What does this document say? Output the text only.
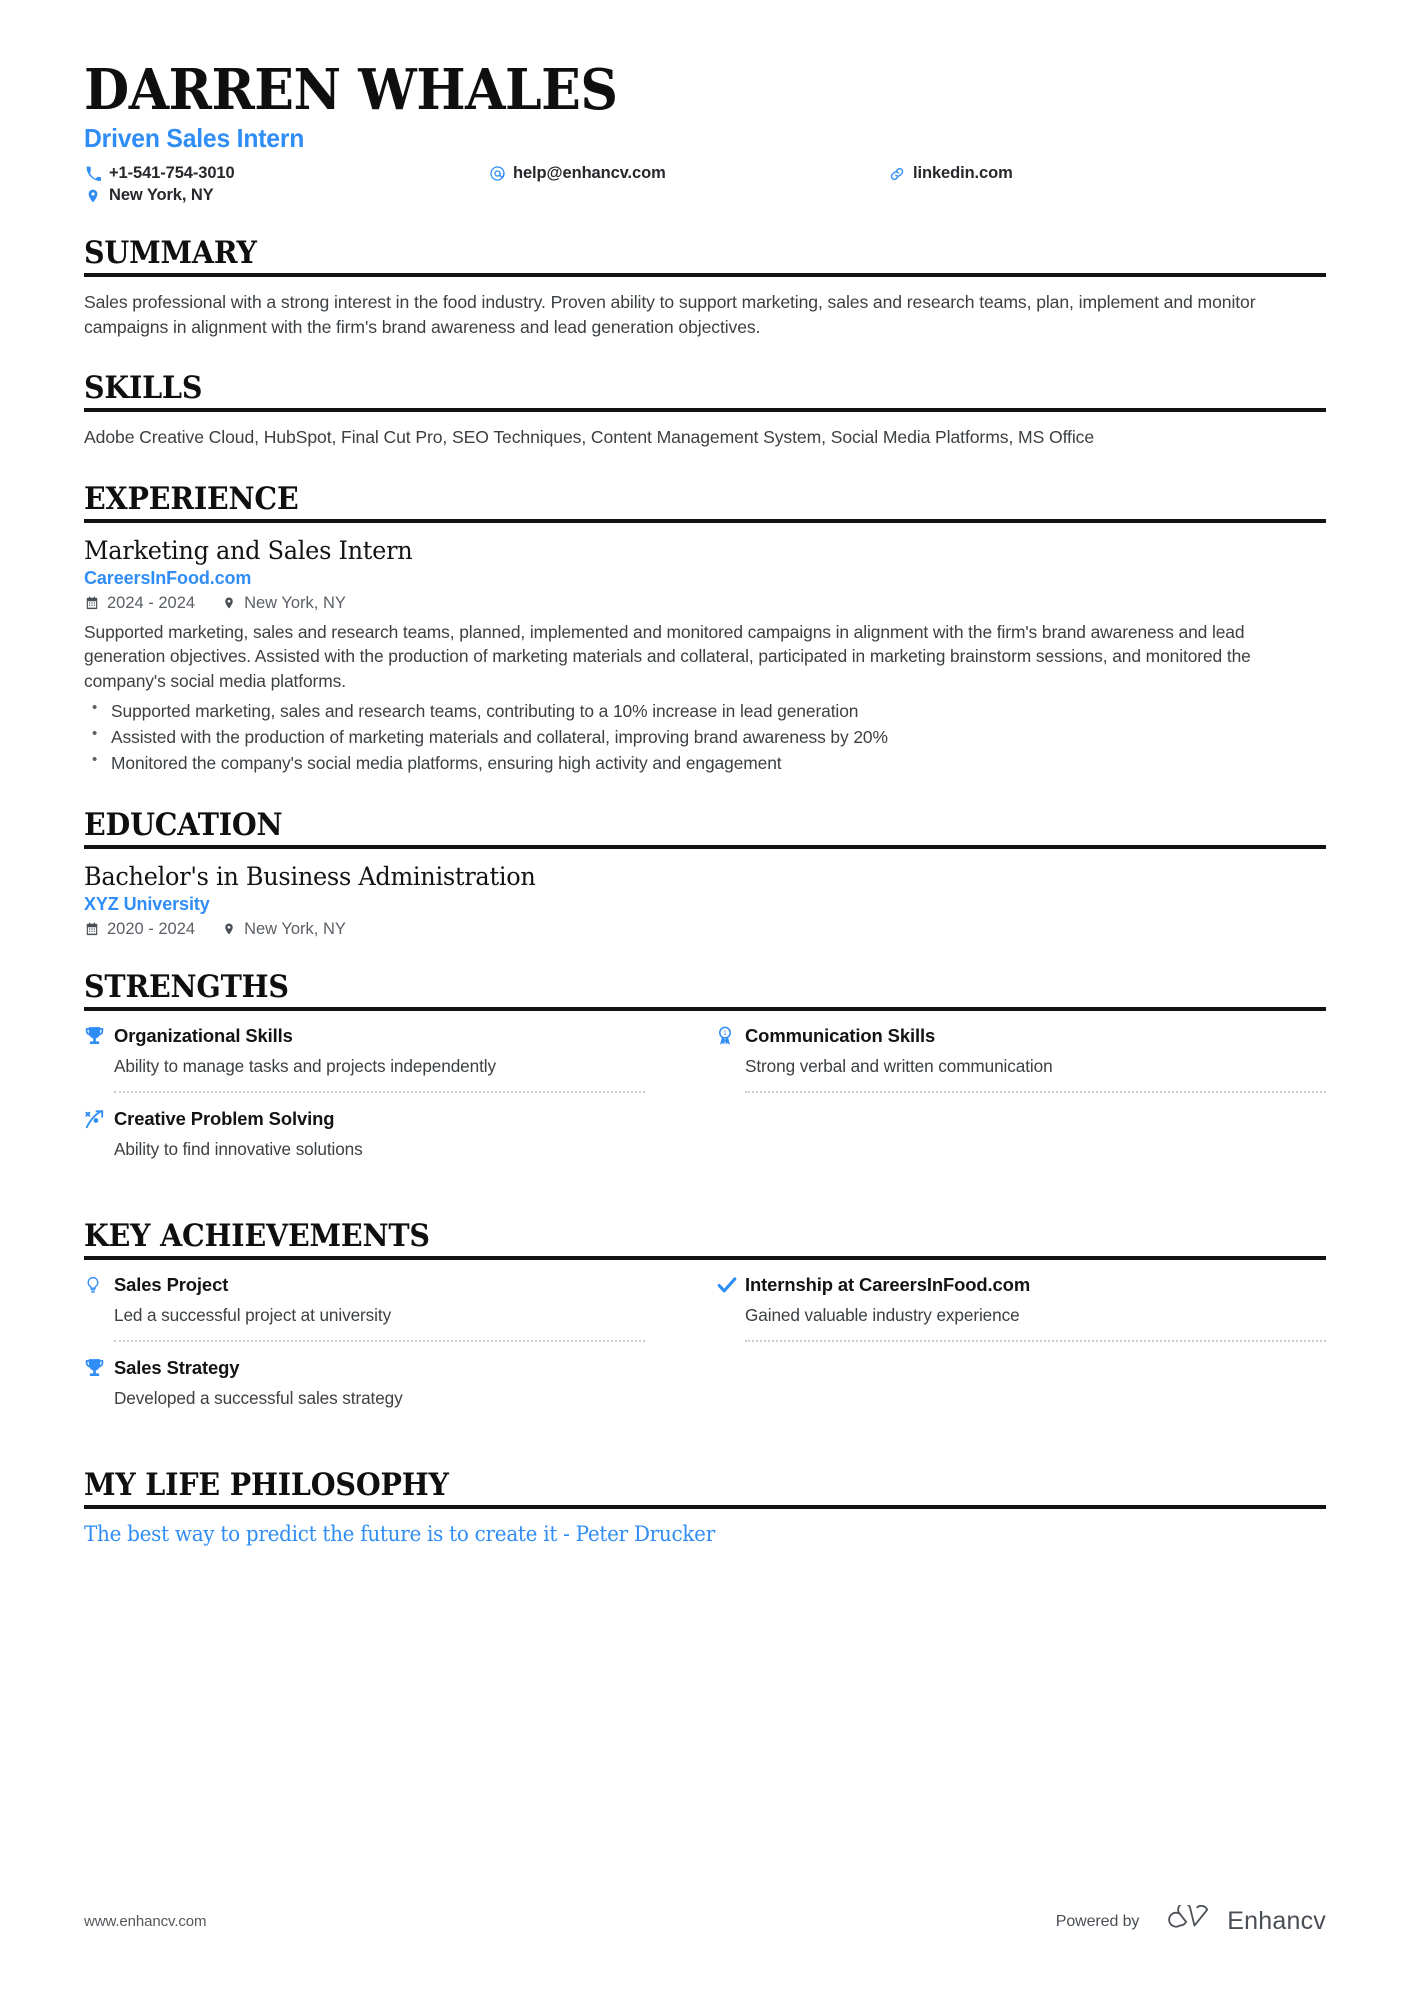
DARREN WHALES
Driven Sales Intern
+1-541-754-3010	help@enhancv.com	linkedin.com
New York, NY
SUMMARY
Sales professional with a strong interest in the food industry. Proven ability to support marketing, sales and research teams, plan, implement and monitor campaigns in alignment with the firm's brand awareness and lead generation objectives.
SKILLS
Adobe Creative Cloud, HubSpot, Final Cut Pro, SEO Techniques, Content Management System, Social Media Platforms, MS Office
EXPERIENCE
Marketing and Sales Intern
CareersInFood.com
2024 - 2024	New York, NY
Supported marketing, sales and research teams, planned, implemented and monitored campaigns in alignment with the firm's brand awareness and lead generation objectives. Assisted with the production of marketing materials and collateral, participated in marketing brainstorm sessions, and monitored the company's social media platforms.
• Supported marketing, sales and research teams, contributing to a 10% increase in lead generation
• Assisted with the production of marketing materials and collateral, improving brand awareness by 20%
• Monitored the company's social media platforms, ensuring high activity and engagement
EDUCATION
Bachelor's in Business Administration
XYZ University
2020 - 2024	New York, NY
STRENGTHS
Organizational Skills
Ability to manage tasks and projects independently
1 Communication Skills
Strong verbal and written communication
Creative Problem Solving
Ability to find innovative solutions
KEY ACHIEVEMENTS
Sales Project
Led a successful project at university
Internship at CareersInFood.com
Gained valuable industry experience
Sales Strategy
Developed a successful sales strategy
MY LIFE PHILOSOPHY
The best way to predict the future is to create it - Peter Drucker
www.enhancv.com	Powered by	Enhancv
